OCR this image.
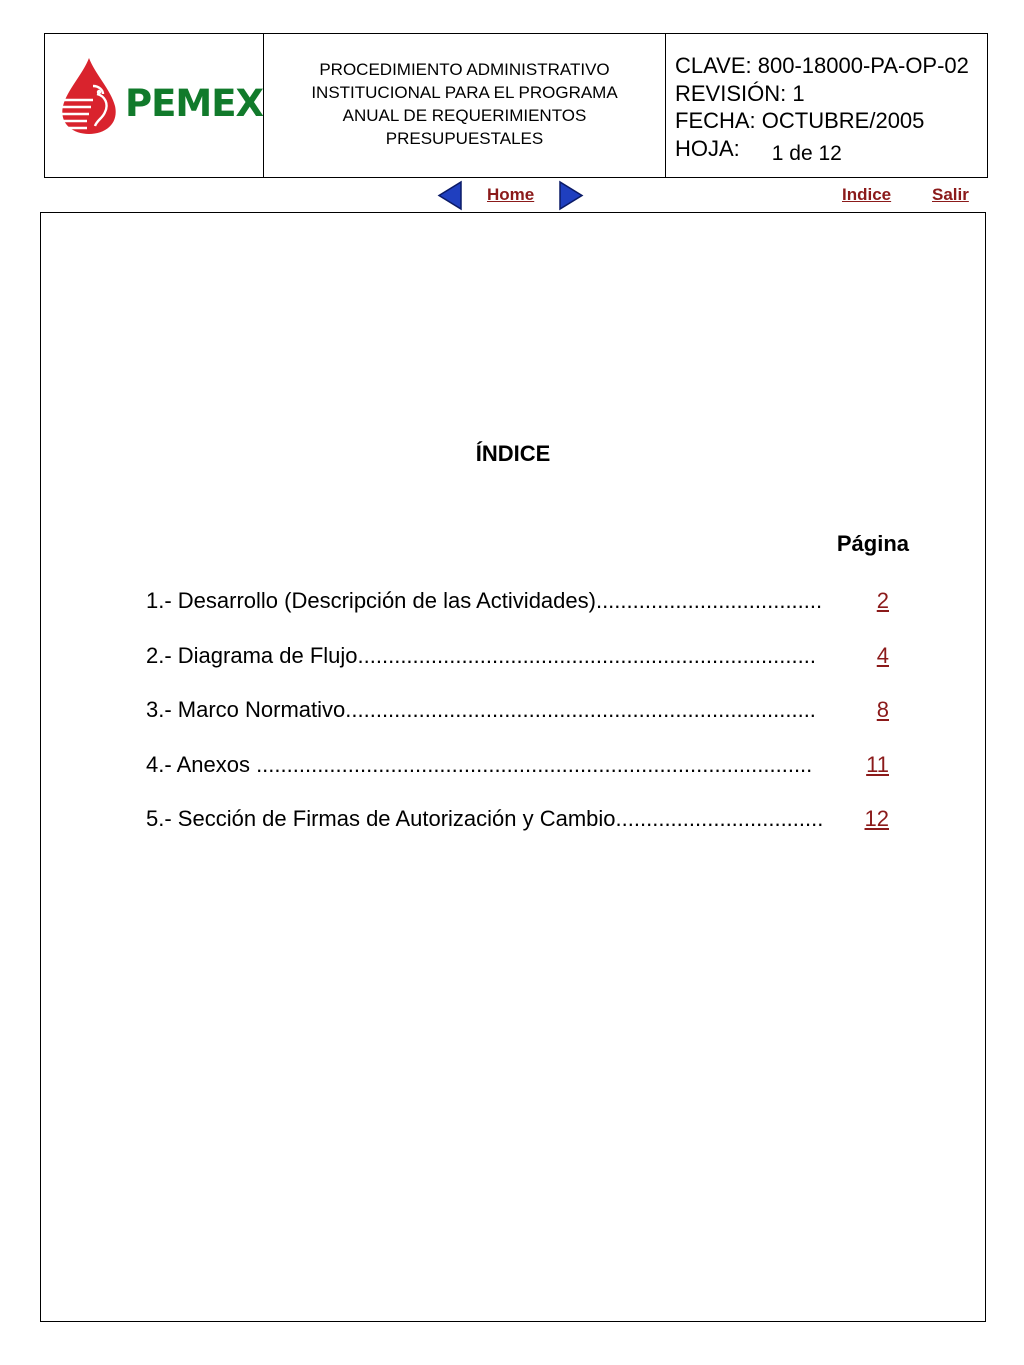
PEMEX
PROCEDIMIENTO ADMINISTRATIVO
INSTITUCIONAL PARA EL PROGRAMA
ANUAL DE REQUERIMIENTOS
PRESUPUESTALES
CLAVE: 800-18000-PA-OP-02
REVISIÓN: 1
FECHA: OCTUBRE/2005
HOJA: 1 de 12
Home	Indice Salir
ÍNDICE
Página
1.- Desarrollo (Descripción de las Actividades).....................................	2
2.- Diagrama de Flujo...........................................................................	4
3.- Marco Normativo.............................................................................	8
4.- Anexos ...........................................................................................	11
5.- Sección de Firmas de Autorización y Cambio..................................	12
